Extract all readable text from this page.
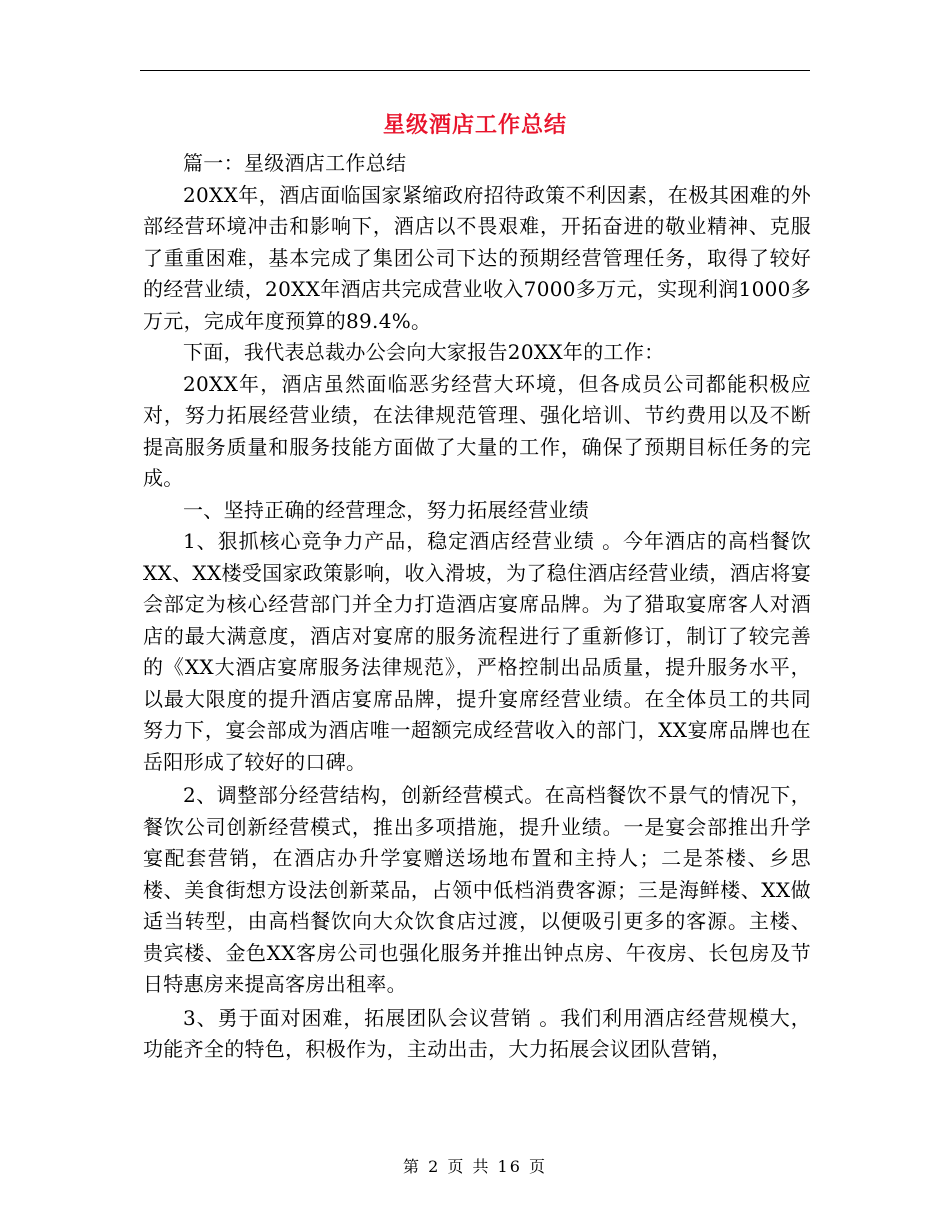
星级酒店工作总结

篇一：星级酒店工作总结

20XX年，酒店面临国家紧缩政府招待政策不利因素，在极其困难的外部经营环境冲击和影响下，酒店以不畏艰难，开拓奋进的敬业精神、克服了重重困难，基本完成了集团公司下达的预期经营管理任务，取得了较好的经营业绩，20XX年酒店共完成营业收入7000多万元，实现利润1000多万元，完成年度预算的89.4%。

下面，我代表总裁办公会向大家报告20XX年的工作：

20XX年，酒店虽然面临恶劣经营大环境，但各成员公司都能积极应对，努力拓展经营业绩，在法律规范管理、强化培训、节约费用以及不断提高服务质量和服务技能方面做了大量的工作，确保了预期目标任务的完成。

一、坚持正确的经营理念，努力拓展经营业绩

1、狠抓核心竞争力产品，稳定酒店经营业绩 。今年酒店的高档餐饮XX、XX楼受国家政策影响，收入滑坡，为了稳住酒店经营业绩，酒店将宴会部定为核心经营部门并全力打造酒店宴席品牌。为了猎取宴席客人对酒店的最大满意度，酒店对宴席的服务流程进行了重新修订，制订了较完善的《XX大酒店宴席服务法律规范》，严格控制出品质量，提升服务水平，以最大限度的提升酒店宴席品牌，提升宴席经营业绩。在全体员工的共同努力下，宴会部成为酒店唯一超额完成经营收入的部门，XX宴席品牌也在岳阳形成了较好的口碑。

2、调整部分经营结构，创新经营模式。在高档餐饮不景气的情况下，餐饮公司创新经营模式，推出多项措施，提升业绩。一是宴会部推出升学宴配套营销，在酒店办升学宴赠送场地布置和主持人；二是茶楼、乡思楼、美食街想方设法创新菜品，占领中低档消费客源；三是海鲜楼、XX做适当转型，由高档餐饮向大众饮食店过渡，以便吸引更多的客源。主楼、贵宾楼、金色XX客房公司也强化服务并推出钟点房、午夜房、长包房及节日特惠房来提高客房出租率。

3、勇于面对困难，拓展团队会议营销 。我们利用酒店经营规模大，功能齐全的特色，积极作为，主动出击，大力拓展会议团队营销，

第 2 页 共 16 页
